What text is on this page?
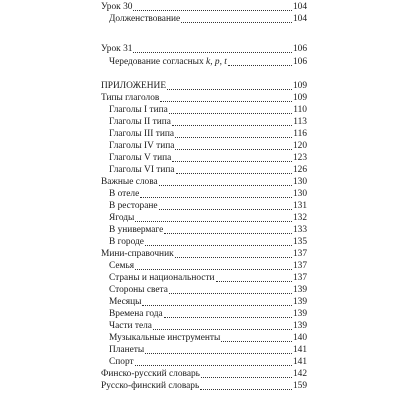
Урок 30	104
Долженствование	104
Урок 31	106
Чередование согласных k, p, t	106
ПРИЛОЖЕНИЕ	109
Типы глаголов	109
Глаголы I типа	110
Глаголы II типа	113
Глаголы III типа	116
Глаголы IV типа	120
Глаголы V типа	123
Глаголы VI типа	126
Важные слова	130
В отеле	130
В ресторане	131
Ягоды	132
В универмаге	133
В городе	135
Мини-справочник	137
Семья	137
Страны и национальности	137
Стороны света	139
Месяцы	139
Времена года	139
Части тела	139
Музыкальные инструменты	140
Планеты	141
Спорт	141
Финско-русский словарь	142
Русско-финский словарь	159
